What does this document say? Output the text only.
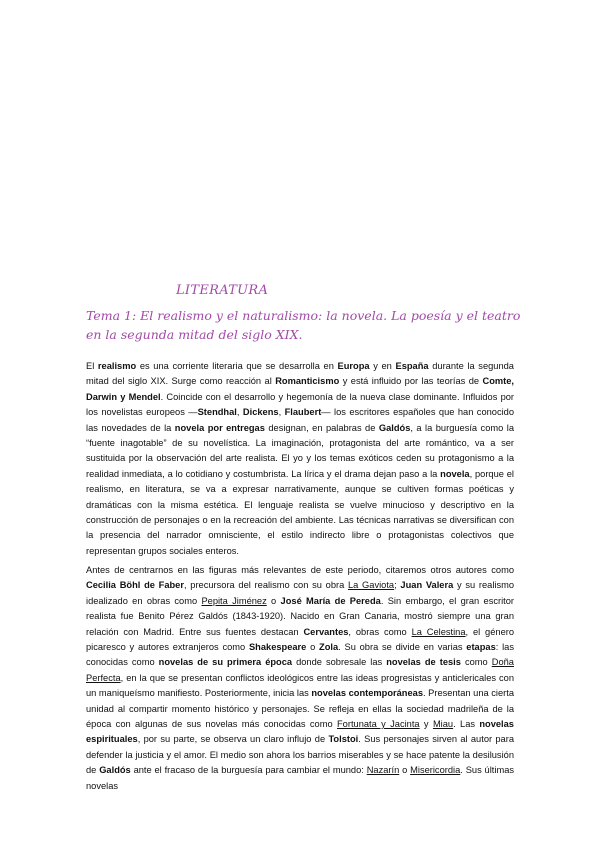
LITERATURA
Tema 1: El realismo y el naturalismo: la novela. La poesía y el teatro en la segunda mitad del siglo XIX.
El realismo es una corriente literaria que se desarrolla en Europa y en España durante la segunda mitad del siglo XIX. Surge como reacción al Romanticismo y está influido por las teorías de Comte, Darwin y Mendel. Coincide con el desarrollo y hegemonía de la nueva clase dominante. Influidos por los novelistas europeos —Stendhal, Dickens, Flaubert— los escritores españoles que han conocido las novedades de la novela por entregas designan, en palabras de Galdós, a la burguesía como la “fuente inagotable” de su novelística. La imaginación, protagonista del arte romántico, va a ser sustituida por la observación del arte realista. El yo y los temas exóticos ceden su protagonismo a la realidad inmediata, a lo cotidiano y costumbrista. La lírica y el drama dejan paso a la novela, porque el realismo, en literatura, se va a expresar narrativamente, aunque se cultiven formas poéticas y dramáticas con la misma estética. El lenguaje realista se vuelve minucioso y descriptivo en la construcción de personajes o en la recreación del ambiente. Las técnicas narrativas se diversifican con la presencia del narrador omnisciente, el estilo indirecto libre o protagonistas colectivos que representan grupos sociales enteros.
Antes de centrarnos en las figuras más relevantes de este periodo, citaremos otros autores como Cecilia Böhl de Faber, precursora del realismo con su obra La Gaviota; Juan Valera y su realismo idealizado en obras como Pepita Jiménez o José María de Pereda. Sin embargo, el gran escritor realista fue Benito Pérez Galdós (1843-1920). Nacido en Gran Canaria, mostró siempre una gran relación con Madrid. Entre sus fuentes destacan Cervantes, obras como La Celestina, el género picaresco y autores extranjeros como Shakespeare o Zola. Su obra se divide en varias etapas: las conocidas como novelas de su primera época donde sobresale las novelas de tesis como Doña Perfecta, en la que se presentan conflictos ideológicos entre las ideas progresistas y anticlericales con un maniqueísmo manifiesto. Posteriormente, inicia las novelas contemporáneas. Presentan una cierta unidad al compartir momento histórico y personajes. Se refleja en ellas la sociedad madrileña de la época con algunas de sus novelas más conocidas como Fortunata y Jacinta y Miau. Las novelas espirituales, por su parte, se observa un claro influjo de Tolstoi. Sus personajes sirven al autor para defender la justicia y el amor. El medio son ahora los barrios miserables y se hace patente la desilusión de Galdós ante el fracaso de la burguesía para cambiar el mundo: Nazarín o Misericordia. Sus últimas novelas
